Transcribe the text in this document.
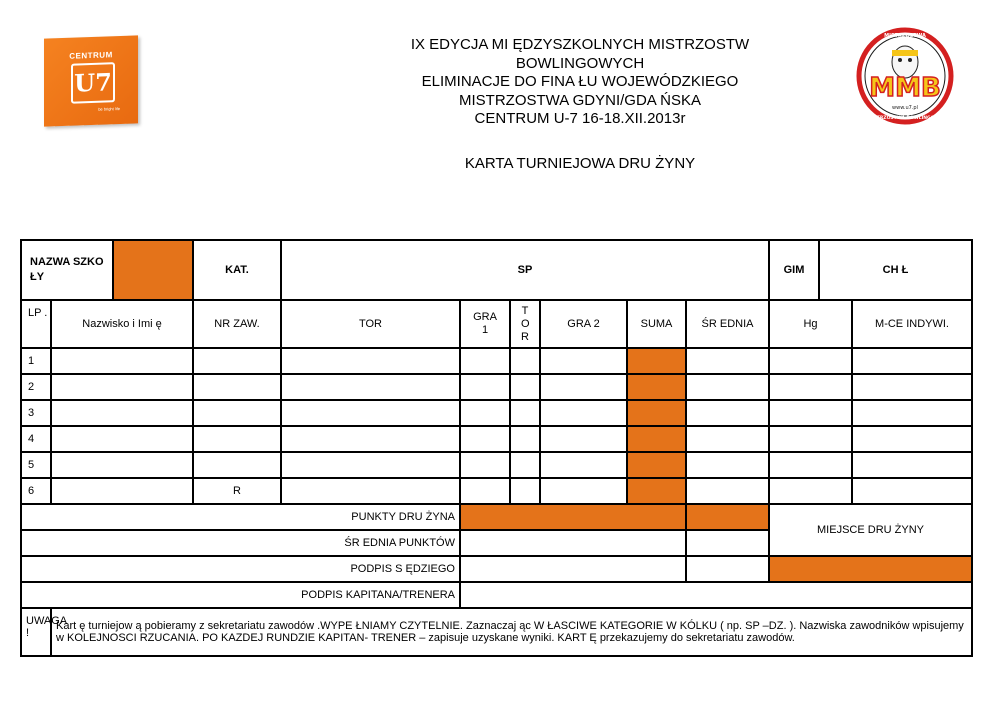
CENTRUM
U7
be bright life
MMB
www.u7.pl
MISTRZOSTWA
MISTRZOSTWA BOWLINGOWE
IX EDYCJA MI ĘDZYSZKOLNYCH MISTRZOSTW
BOWLINGOWYCH
ELIMINACJE DO FINA ŁU WOJEWÓDZKIEGO
MISTRZOSTWA GDYNI/GDA ŃSKA
CENTRUM U-7 16-18.XII.2013r
KARTA TURNIEJOWA DRU ŻYNY
NAZWA SZKO ŁY			KAT.	SP						GIM	CH Ł	
LP .	Nazwisko i Imi ę		NR ZAW.	TOR	GRA 1	T O R	GRA 2	SUMA	ŚR EDNIA	Hg		M-CE INDYWI.
1												
2												
3												
4												
5												
6			R									
PUNKTY DRU ŻYNA										MIEJSCE DRU ŻYNY		
ŚR EDNIA PUNKTÓW												
PODPIS S ĘDZIEGO												
PODPIS KAPITANA/TRENERA												
UWAGA !	Kart ę turniejow ą pobieramy z sekretariatu zawodów .WYPE ŁNIAMY CZYTELNIE. Zaznaczaj ąc W ŁASCIWE KATEGORIE W KÓLKU ( np. SP –DZ. ). Nazwiska zawodników wpisujemy w KOLEJNOSCI RZUCANIA. PO KAZDEJ RUNDZIE KAPITAN- TRENER – zapisuje uzyskane wyniki. KART Ę przekazujemy do sekretariatu zawodów.											
